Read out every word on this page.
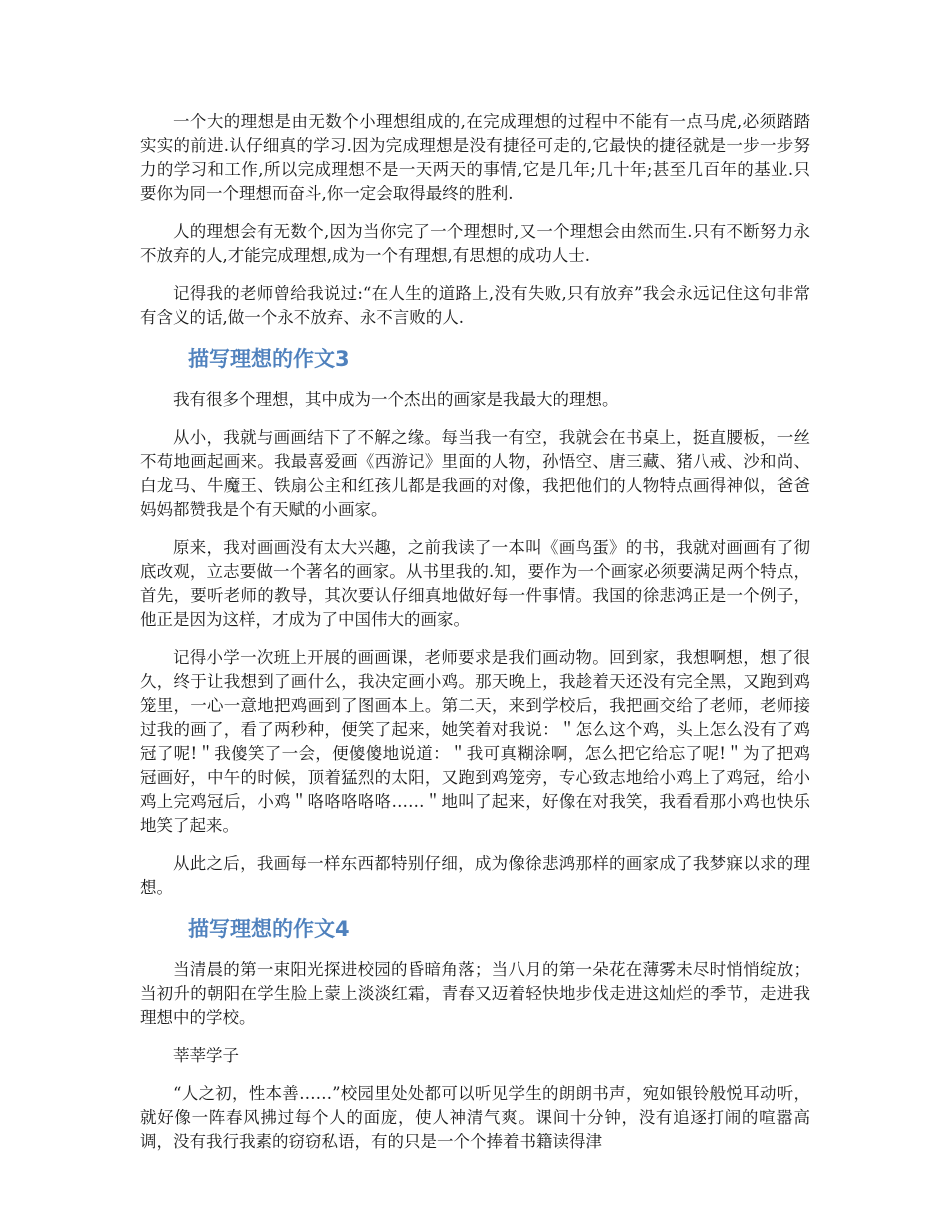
一个大的理想是由无数个小理想组成的,在完成理想的过程中不能有一点马虎,必须踏踏实实的前进.认仔细真的学习.因为完成理想是没有捷径可走的,它最快的捷径就是一步一步努力的学习和工作,所以完成理想不是一天两天的事情,它是几年;几十年;甚至几百年的基业.只要你为同一个理想而奋斗,你一定会取得最终的胜利.

人的理想会有无数个,因为当你完了一个理想时,又一个理想会由然而生.只有不断努力永不放弃的人,才能完成理想,成为一个有理想,有思想的成功人士.

记得我的老师曾给我说过:“在人生的道路上,没有失败,只有放弃”我会永远记住这句非常有含义的话,做一个永不放弃、永不言败的人.

描写理想的作文3

我有很多个理想，其中成为一个杰出的画家是我最大的理想。

从小，我就与画画结下了不解之缘。每当我一有空，我就会在书桌上，挺直腰板，一丝不苟地画起画来。我最喜爱画《西游记》里面的人物，孙悟空、唐三藏、猪八戒、沙和尚、白龙马、牛魔王、铁扇公主和红孩儿都是我画的对像，我把他们的人物特点画得神似，爸爸妈妈都赞我是个有天赋的小画家。

原来，我对画画没有太大兴趣，之前我读了一本叫《画鸟蛋》的书，我就对画画有了彻底改观，立志要做一个著名的画家。从书里我的.知，要作为一个画家必须要满足两个特点，首先，要听老师的教导，其次要认仔细真地做好每一件事情。我国的徐悲鸿正是一个例子，他正是因为这样，才成为了中国伟大的画家。

记得小学一次班上开展的画画课，老师要求是我们画动物。回到家，我想啊想，想了很久，终于让我想到了画什么，我决定画小鸡。那天晚上，我趁着天还没有完全黑，又跑到鸡笼里，一心一意地把鸡画到了图画本上。第二天，来到学校后，我把画交给了老师，老师接过我的画了，看了两秒种，便笑了起来，她笑着对我说：＂怎么这个鸡，头上怎么没有了鸡冠了呢!＂我傻笑了一会，便傻傻地说道：＂我可真糊涂啊，怎么把它给忘了呢!＂为了把鸡冠画好，中午的时候，顶着猛烈的太阳，又跑到鸡笼旁，专心致志地给小鸡上了鸡冠，给小鸡上完鸡冠后，小鸡＂咯咯咯咯咯……＂地叫了起来，好像在对我笑，我看看那小鸡也快乐地笑了起来。

从此之后，我画每一样东西都特别仔细，成为像徐悲鸿那样的画家成了我梦寐以求的理想。

描写理想的作文4

当清晨的第一束阳光探进校园的昏暗角落；当八月的第一朵花在薄雾未尽时悄悄绽放；当初升的朝阳在学生脸上蒙上淡淡红霜，青春又迈着轻快地步伐走进这灿烂的季节，走进我理想中的学校。

莘莘学子

“人之初，性本善……”校园里处处都可以听见学生的朗朗书声，宛如银铃般悦耳动听，就好像一阵春风拂过每个人的面庞，使人神清气爽。课间十分钟，没有追逐打闹的喧嚣高调，没有我行我素的窃窃私语，有的只是一个个捧着书籍读得津
